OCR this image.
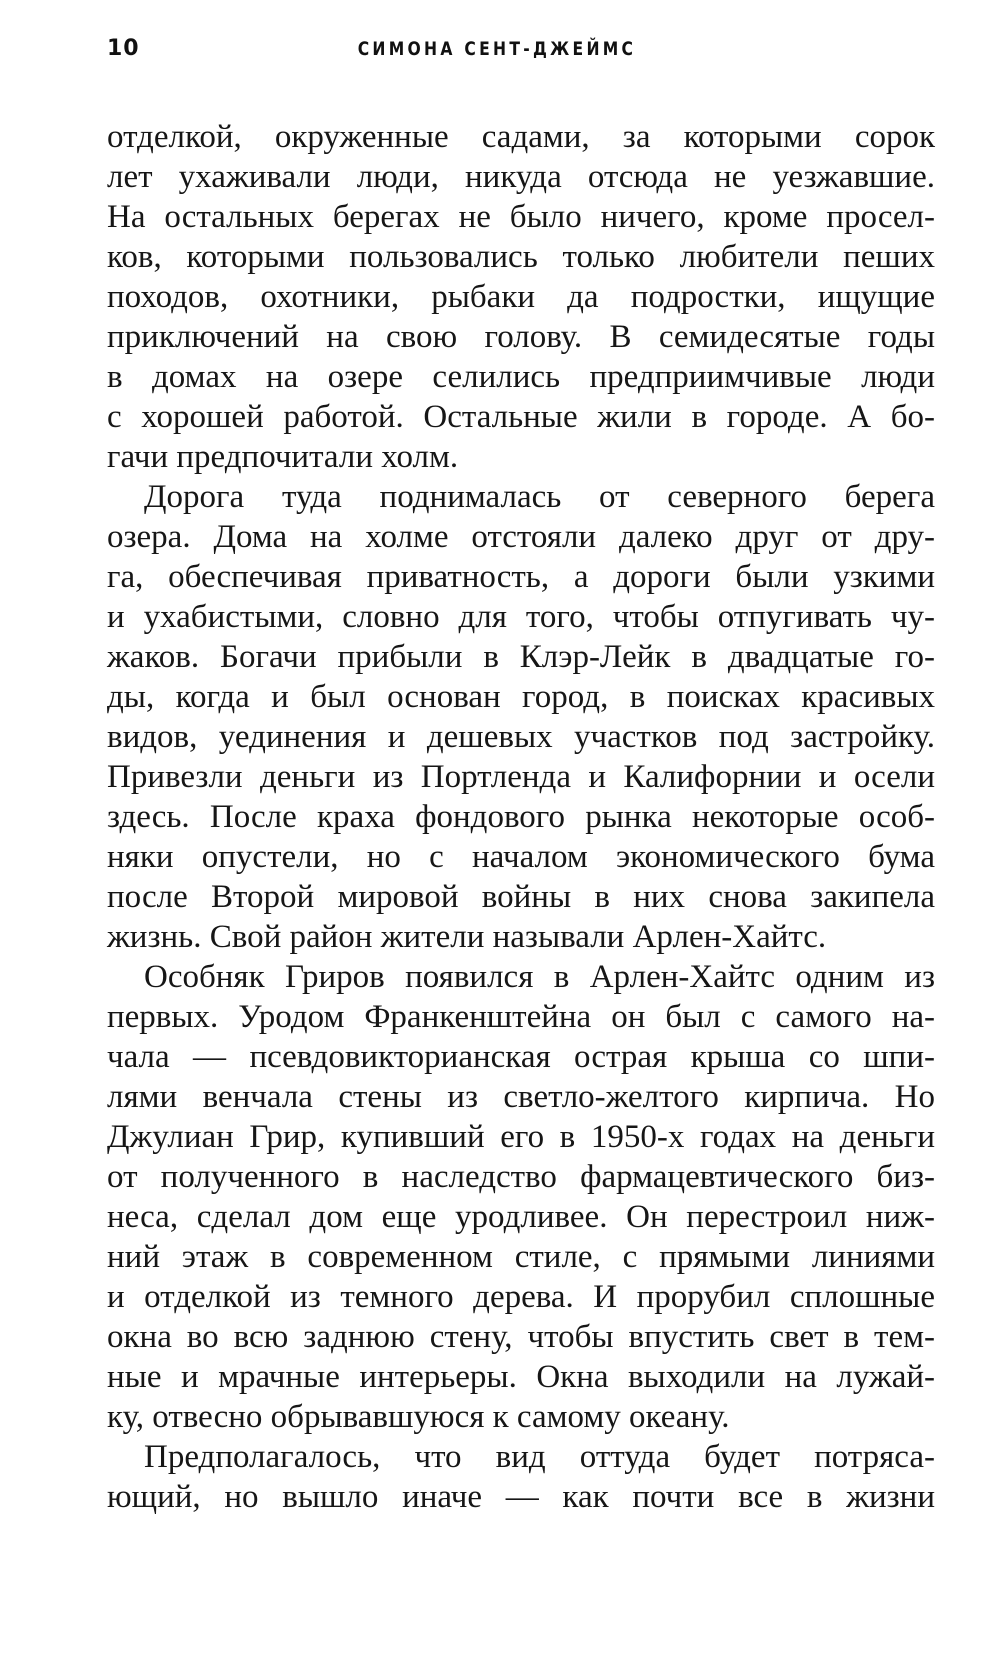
10	СИМОНА СЕНТ-ДЖЕЙМС
отделкой, окруженные садами, за которыми сорок
лет ухаживали люди, никуда отсюда не уезжавшие.
На остальных берегах не было ничего, кроме просел-
ков, которыми пользовались только любители пеших
походов, охотники, рыбаки да подростки, ищущие
приключений на свою голову. В семидесятые годы
в домах на озере селились предприимчивые люди
с хорошей работой. Остальные жили в городе. А бо-
гачи предпочитали холм.
Дорога туда поднималась от северного берега
озера. Дома на холме отстояли далеко друг от дру-
га, обеспечивая приватность, а дороги были узкими
и ухабистыми, словно для того, чтобы отпугивать чу-
жаков. Богачи прибыли в Клэр-Лейк в двадцатые го-
ды, когда и был основан город, в поисках красивых
видов, уединения и дешевых участков под застройку.
Привезли деньги из Портленда и Калифорнии и осели
здесь. После краха фондового рынка некоторые особ-
няки опустели, но с началом экономического бума
после Второй мировой войны в них снова закипела
жизнь. Свой район жители называли Арлен-Хайтс.
Особняк Гриров появился в Арлен-Хайтс одним из
первых. Уродом Франкенштейна он был с самого на-
чала — псевдовикторианская острая крыша со шпи-
лями венчала стены из светло-желтого кирпича. Но
Джулиан Грир, купивший его в 1950-х годах на деньги
от полученного в наследство фармацевтического биз-
неса, сделал дом еще уродливее. Он перестроил ниж-
ний этаж в современном стиле, с прямыми линиями
и отделкой из темного дерева. И прорубил сплошные
окна во всю заднюю стену, чтобы впустить свет в тем-
ные и мрачные интерьеры. Окна выходили на лужай-
ку, отвесно обрывавшуюся к самому океану.
Предполагалось, что вид оттуда будет потряса-
ющий, но вышло иначе — как почти все в жизни
